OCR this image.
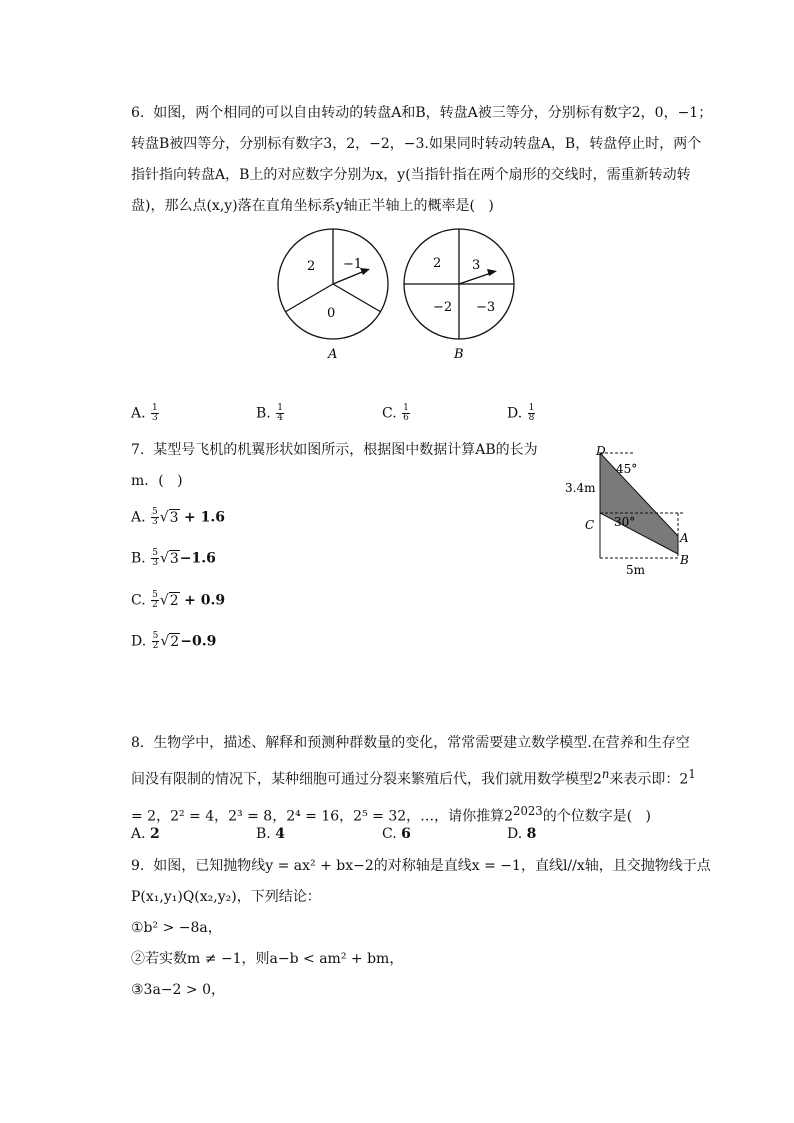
6.  如图，两个相同的可以自由转动的转盘A和B，转盘A被三等分，分别标有数字2，0，−1；
转盘B被四等分，分别标有数字3，2，−2，−3.如果同时转动转盘A，B，转盘停止时，两个
指针指向转盘A，B上的对应数字分别为x，y(当指针指在两个扇形的交线时，需重新转动转
盘)，那么点(x,y)落在直角坐标系y轴正半轴上的概率是(   )
2 −1
0
A
2 3
−2 −3
B
A. $\frac{1}{3}$	B. $\frac{1}{4}$	C. $\frac{1}{6}$	D. $\frac{1}{8}$
7.  某型号飞机的机翼形状如图所示，根据图中数据计算AB的长为
m．(   )
A. $\frac{5}{3} √3 + 1.6$
B. $\frac{5}{3} √3-1.6$
C. $\frac{5}{2} √2 + 0.9$
D. $\frac{5}{2} √2-0.9$
D
45°
3.4m
C 30°
A
B
5m
8.  生物学中，描述、解释和预测种群数量的变化，常常需要建立数学模型.在营养和生存空
间没有限制的情况下，某种细胞可通过分裂来繁殖后代，我们就用数学模型2$^n$来表示即：$2^1$
= 2，2² = 4，2³ = 8，2⁴ = 16，2⁵ = 32，…，请你推算$2^{2023}$的个位数字是(   )
A. 2	B. 4	C. 6	D. 8
9.  如图，已知抛物线y = ax² + bx−2的对称轴是直线x = −1，直线l//x轴，且交抛物线于点
P(x₁,y₁)Q(x₂,y₂)，下列结论：
①b² > −8a，
②若实数m ≠ −1，则a−b < am² + bm，
③3a−2 > 0，
